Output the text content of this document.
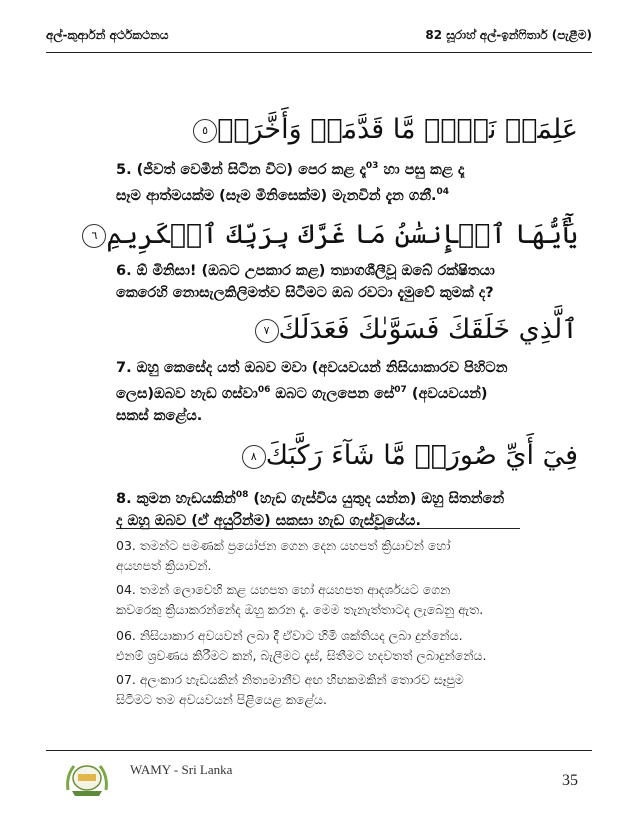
අල්-කුර්ආන් අර්ථකථනය	82 සූරාහ් අල්-ඉන්ෆිතාර් (පැළීම)
عَلِمَتۡ نَفۡسٞ مَّا قَدَّمَتۡ وَأَخَّرَتۡ٥
5. (ජීවත් වෙමින් සිටින විට) පෙර කළ දෑ$^{03}$ හා පසු කළ දෑ
සෑම ආත්මයක්ම (සෑම මිනිසෙක්ම) මැනවින් දැන ගනී.$^{04}$
يَٰٓأَيُّهَا ٱلۡإِنسَٰنُ مَا غَرَّكَ بِرَبِّكَ ٱلۡكَرِيمِ٦
6. ඕ මිනිසා! (ඔබට උපකාර කළ) ත්‍යාගශීලීවූ ඔබේ රක්ෂිතයා
කෙරෙහි නොසැලකිලිමත්ව සිටීමට ඔබ රවටා දැමුවේ කුමක් ද?
ٱلَّذِي خَلَقَكَ فَسَوَّىٰكَ فَعَدَلَكَ٧
7. ඔහු කෙසේද යත් ඔබව මවා (අවයවයන් නිසියාකාරව පිහිටන
ලෙස)ඔබව හැඩ ගස්වා$^{06}$ ඔබට ගැලපෙන සේ$^{07}$ (අවයවයන්)
සකස් කළේය.
فِيٓ أَيِّ صُورَةٖ مَّا شَآءَ رَكَّبَكَ٨
8. කුමන හැඩයකින්$^{08}$ (හැඩ ගැස්විය යුතුද යන්න) ඔහු සිතන්නේ
ද ඔහු ඔබව (ඒ අයුරින්ම) සකසා හැඩ ගැස්වූයේය.
03. තමන්ට පමණක් ප්‍රයෝජන ගෙන දෙන යහපත් ක්‍රියාවන් හෝ
අයහපත් ක්‍රියාවන්.
04. තමන් ලොවෙහි කළ යහපත හෝ අයහපත ආදර්ශයට ගෙන
කවරෙකු ක්‍රියාකරන්නේද ඔහු කරන දෑ. මෙම තැනැත්තාටද ලැබෙනු ඇත.
06. නිසියාකාර අවයවන් ලබා දී ඒවාට හිමි ශක්තියද ලබා දුන්නේය.
එනම් ශ්‍රවණය කිරීමට කන්, බැලීමට දෑස්, සිතීමට හදවතත් ලබාදුන්නේය.
07. අලංකාර හැඩයකින් නිත්‍යමානීව අඟ හිඟකමකින් තොරව සෑපුම
සිටීමට තම අවයවයන් පිළියෙළ කළේය.
WAMY - Sri Lanka
35
